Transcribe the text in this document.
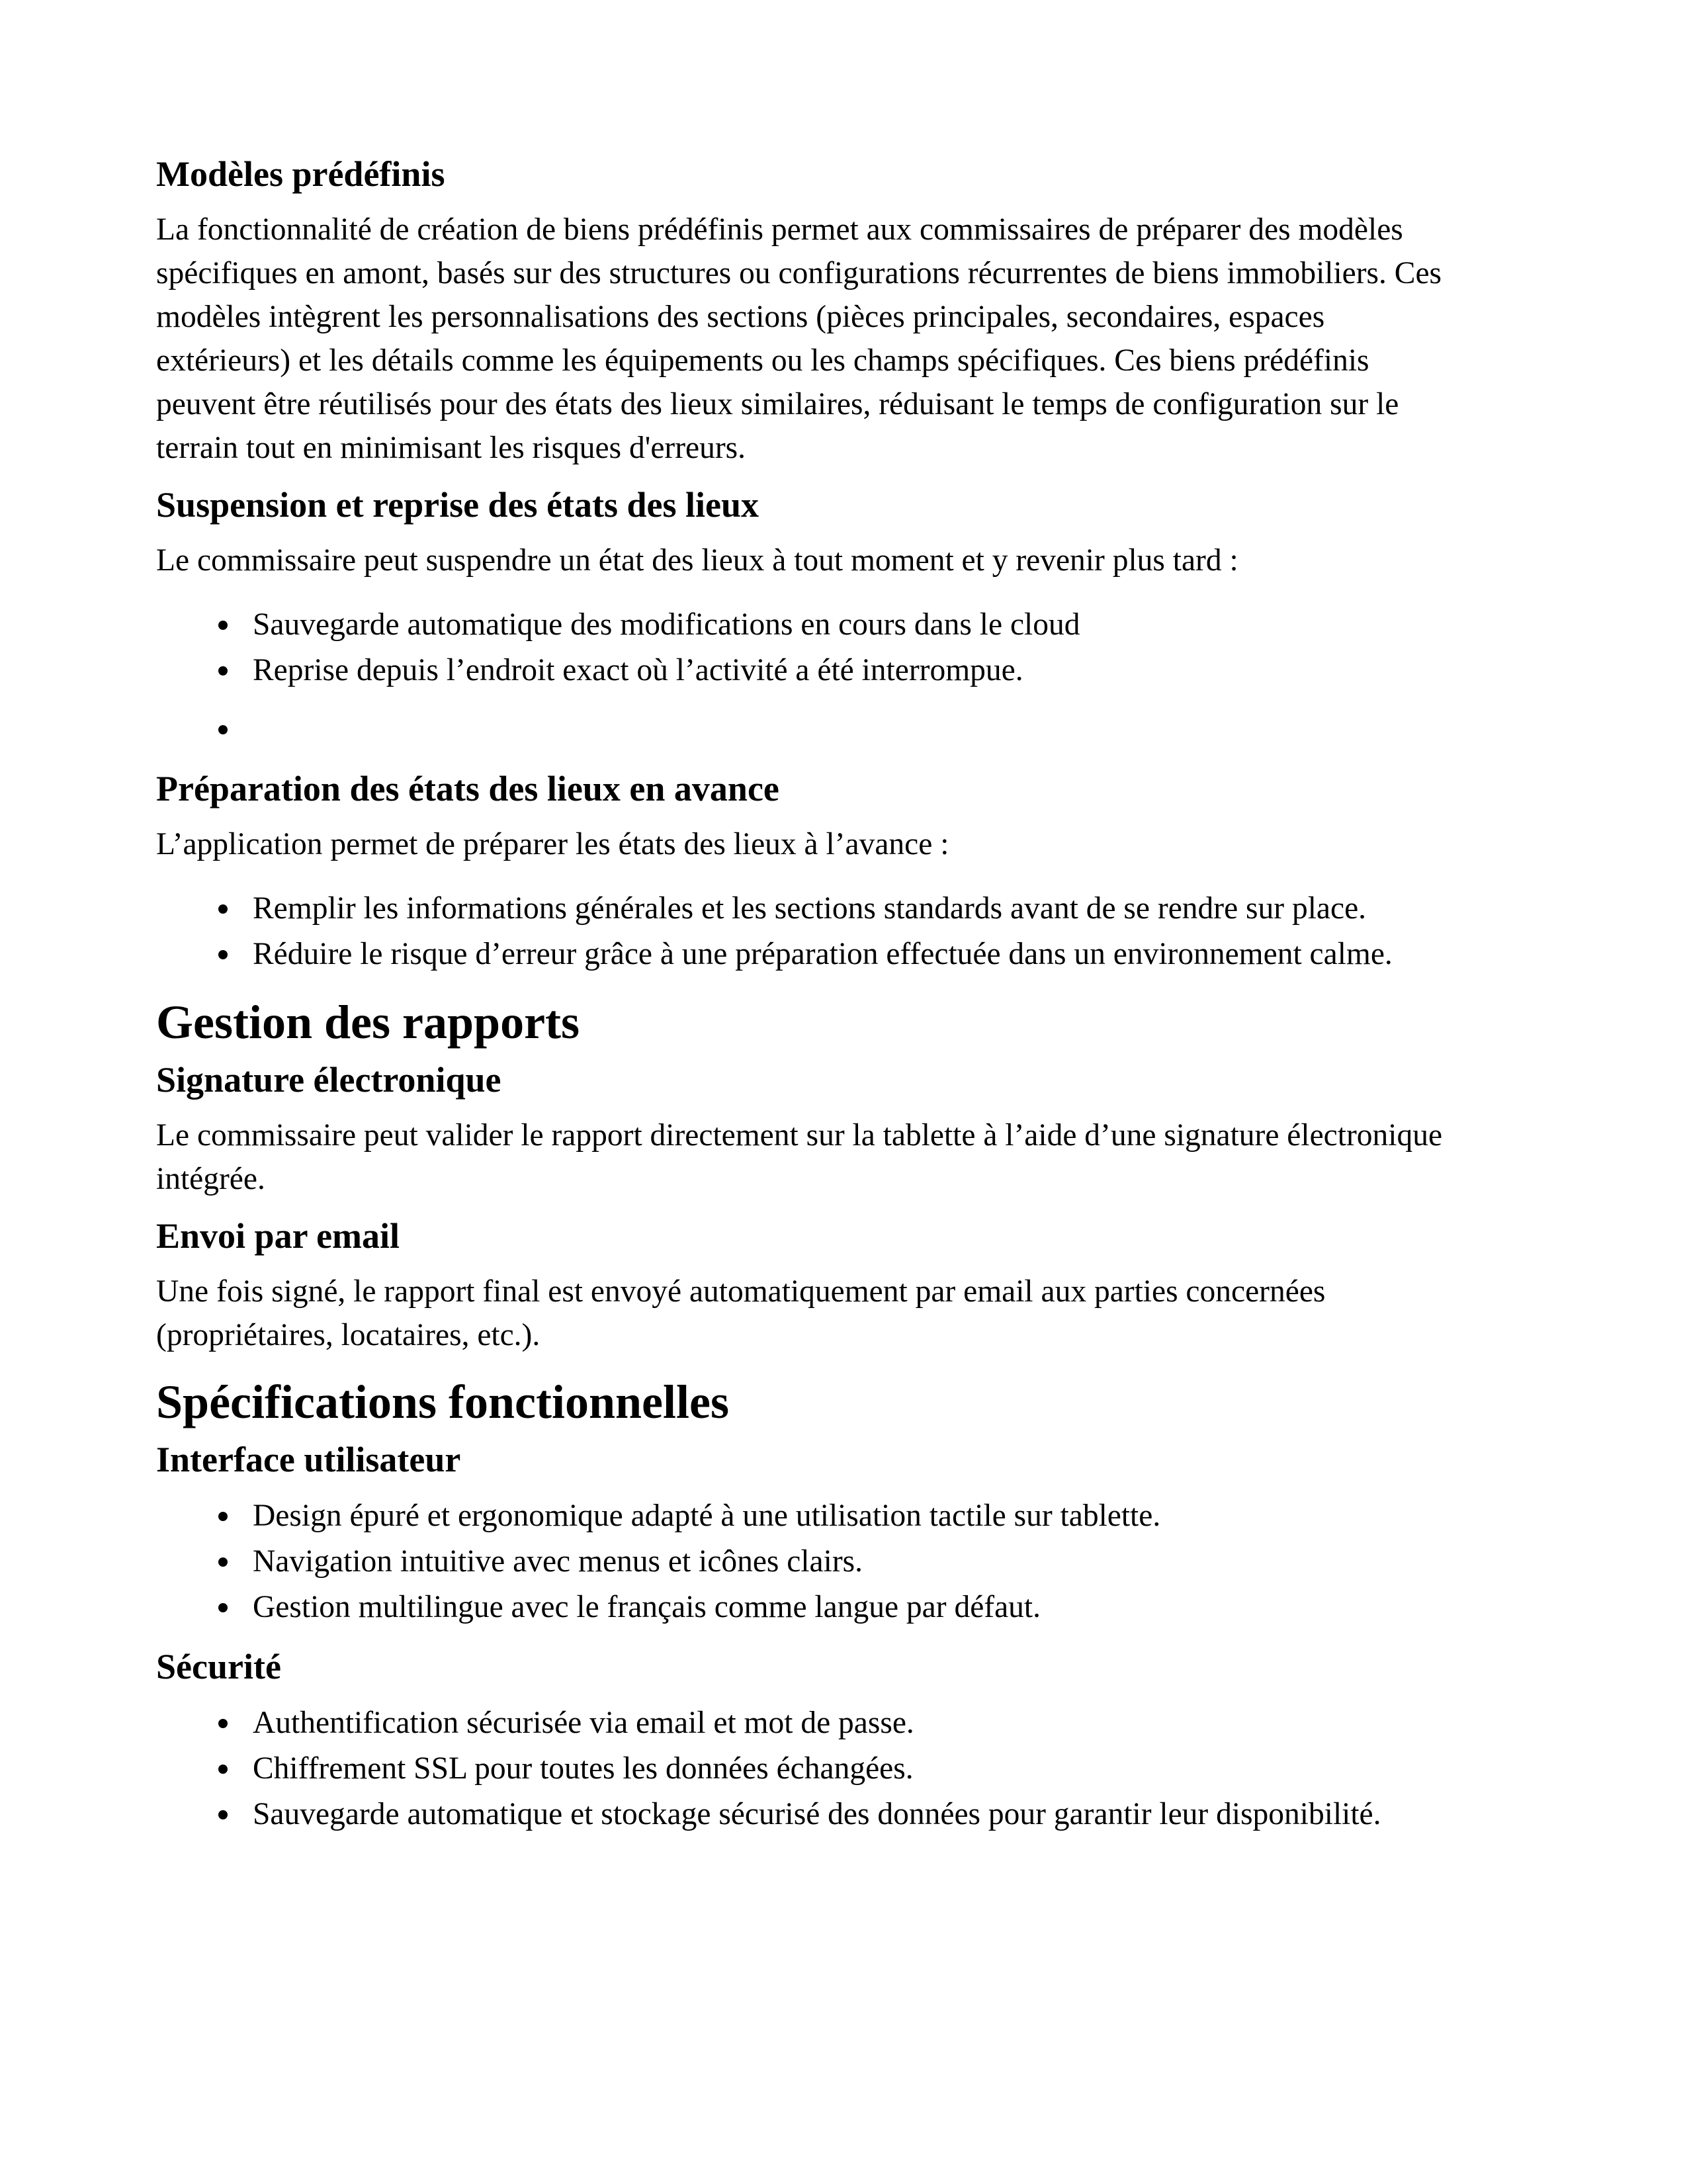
Modèles prédéfinis

La fonctionnalité de création de biens prédéfinis permet aux commissaires de préparer des modèles
spécifiques en amont, basés sur des structures ou configurations récurrentes de biens immobiliers. Ces
modèles intègrent les personnalisations des sections (pièces principales, secondaires, espaces
extérieurs) et les détails comme les équipements ou les champs spécifiques. Ces biens prédéfinis
peuvent être réutilisés pour des états des lieux similaires, réduisant le temps de configuration sur le
terrain tout en minimisant les risques d'erreurs.

Suspension et reprise des états des lieux

Le commissaire peut suspendre un état des lieux à tout moment et y revenir plus tard :

Sauvegarde automatique des modifications en cours dans le cloud
Reprise depuis l’endroit exact où l’activité a été interrompue.
Préparation des états des lieux en avance

L’application permet de préparer les états des lieux à l’avance :

Remplir les informations générales et les sections standards avant de se rendre sur place.
Réduire le risque d’erreur grâce à une préparation effectuée dans un environnement calme.
Gestion des rapports
Signature électronique

Le commissaire peut valider le rapport directement sur la tablette à l’aide d’une signature électronique
intégrée.

Envoi par email

Une fois signé, le rapport final est envoyé automatiquement par email aux parties concernées
(propriétaires, locataires, etc.).

Spécifications fonctionnelles
Interface utilisateur
Design épuré et ergonomique adapté à une utilisation tactile sur tablette.
Navigation intuitive avec menus et icônes clairs.
Gestion multilingue avec le français comme langue par défaut.
Sécurité
Authentification sécurisée via email et mot de passe.
Chiffrement SSL pour toutes les données échangées.
Sauvegarde automatique et stockage sécurisé des données pour garantir leur disponibilité.
